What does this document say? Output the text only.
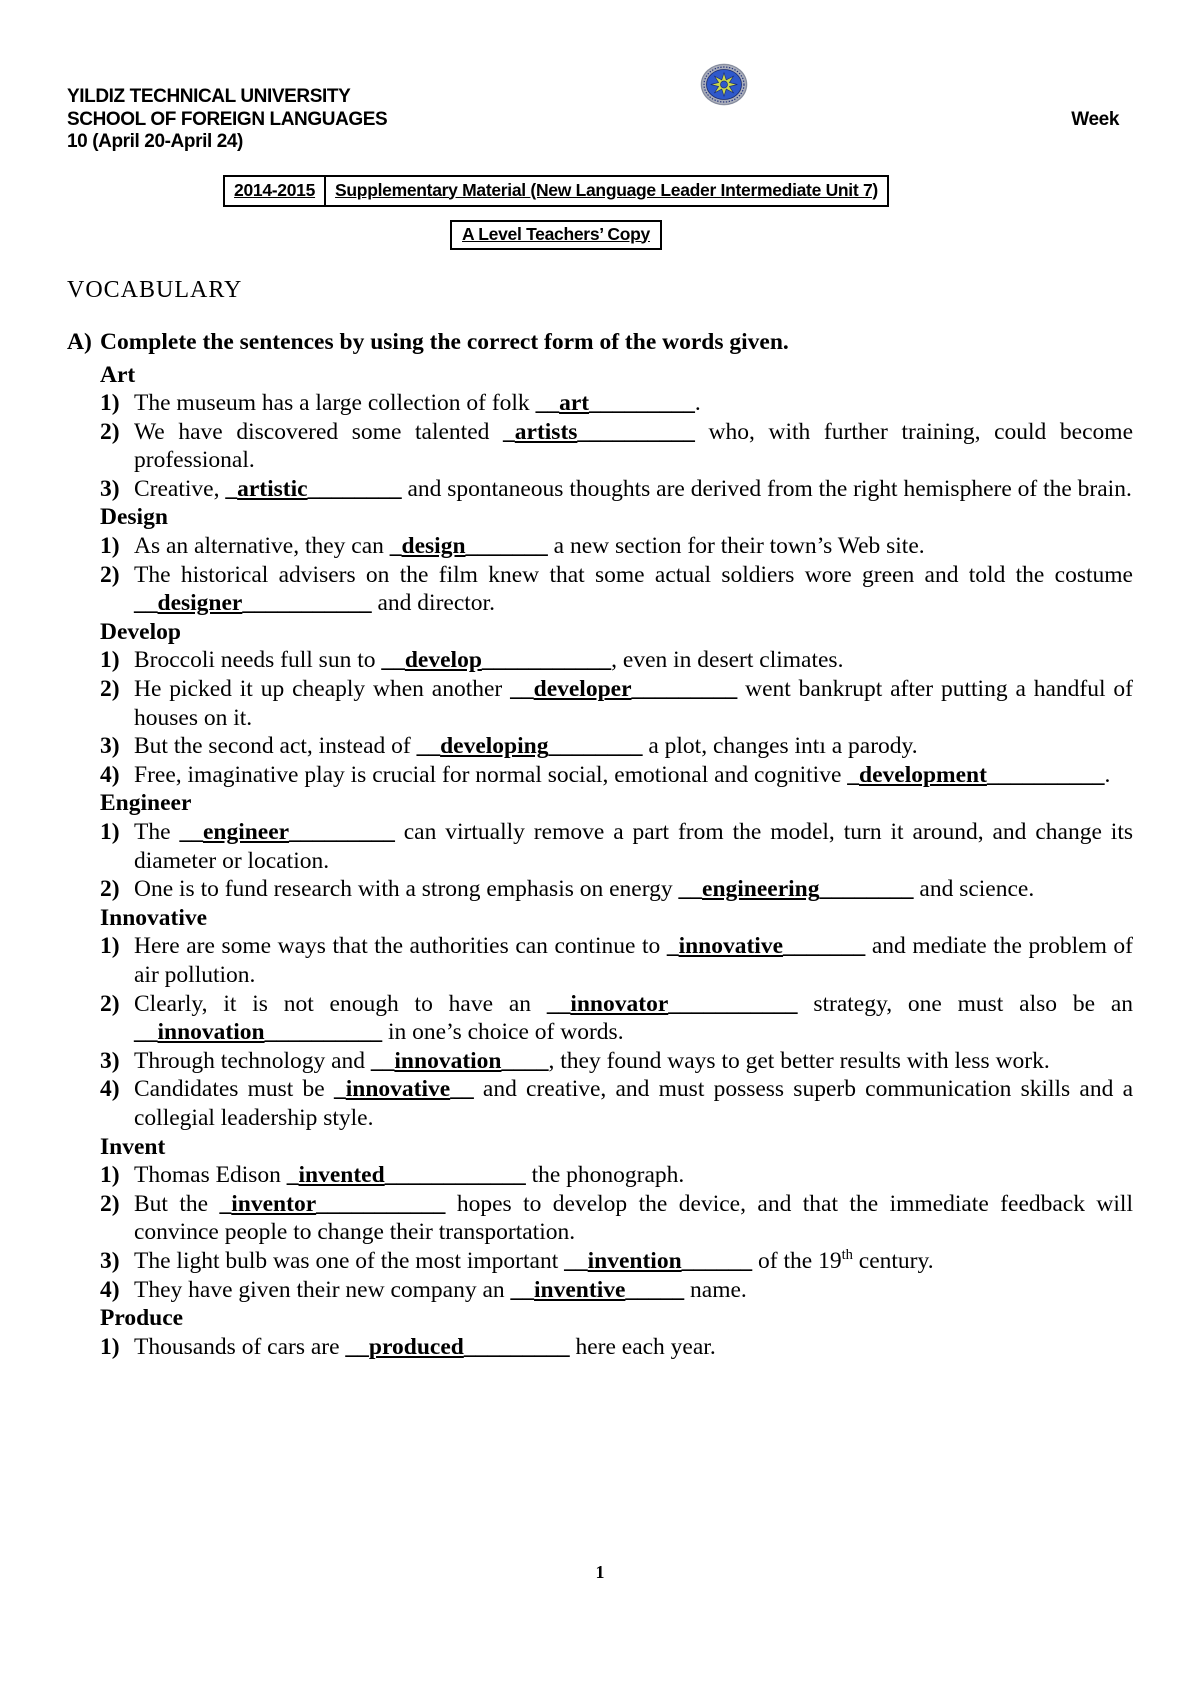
YILDIZ TECHNICAL UNIVERSITY
SCHOOL OF FOREIGN LANGUAGES	Week
10 (April 20-April 24)
2014-2015	Supplementary Material (New Language Leader Intermediate Unit 7)
A Level Teachers’ Copy
VOCABULARY
A) Complete the sentences by using the correct form of the words given.
Art
1) The museum has a large collection of folk __art_________.
2) We have discovered some talented _artists__________ who, with further training, could become professional.
3) Creative, _artistic________ and spontaneous thoughts are derived from the right hemisphere of the brain.
Design
1) As an alternative, they can _design_______ a new section for their town’s Web site.
2) The historical advisers on the film knew that some actual soldiers wore green and told the costume __designer___________ and director.
Develop
1) Broccoli needs full sun to __develop___________, even in desert climates.
2) He picked it up cheaply when another __developer_________ went bankrupt after putting a handful of houses on it.
3) But the second act, instead of __developing________ a plot, changes intı a parody.
4) Free, imaginative play is crucial for normal social, emotional and cognitive _development__________.
Engineer
1) The __engineer_________ can virtually remove a part from the model, turn it around, and change its diameter or location.
2) One is to fund research with a strong emphasis on energy __engineering________ and science.
Innovative
1) Here are some ways that the authorities can continue to _innovative_______ and mediate the problem of air pollution.
2) Clearly, it is not enough to have an __innovator___________ strategy, one must also be an __innovation__________ in one’s choice of words.
3) Through technology and __innovation____, they found ways to get better results with less work.
4) Candidates must be _innovative__ and creative, and must possess superb communication skills and a collegial leadership style.
Invent
1) Thomas Edison _invented____________ the phonograph.
2) But the _inventor___________ hopes to develop the device, and that the immediate feedback will convince people to change their transportation.
3) The light bulb was one of the most important __invention______ of the 19th century.
4) They have given their new company an __inventive_____ name.
Produce
1) Thousands of cars are __produced_________ here each year.
1
